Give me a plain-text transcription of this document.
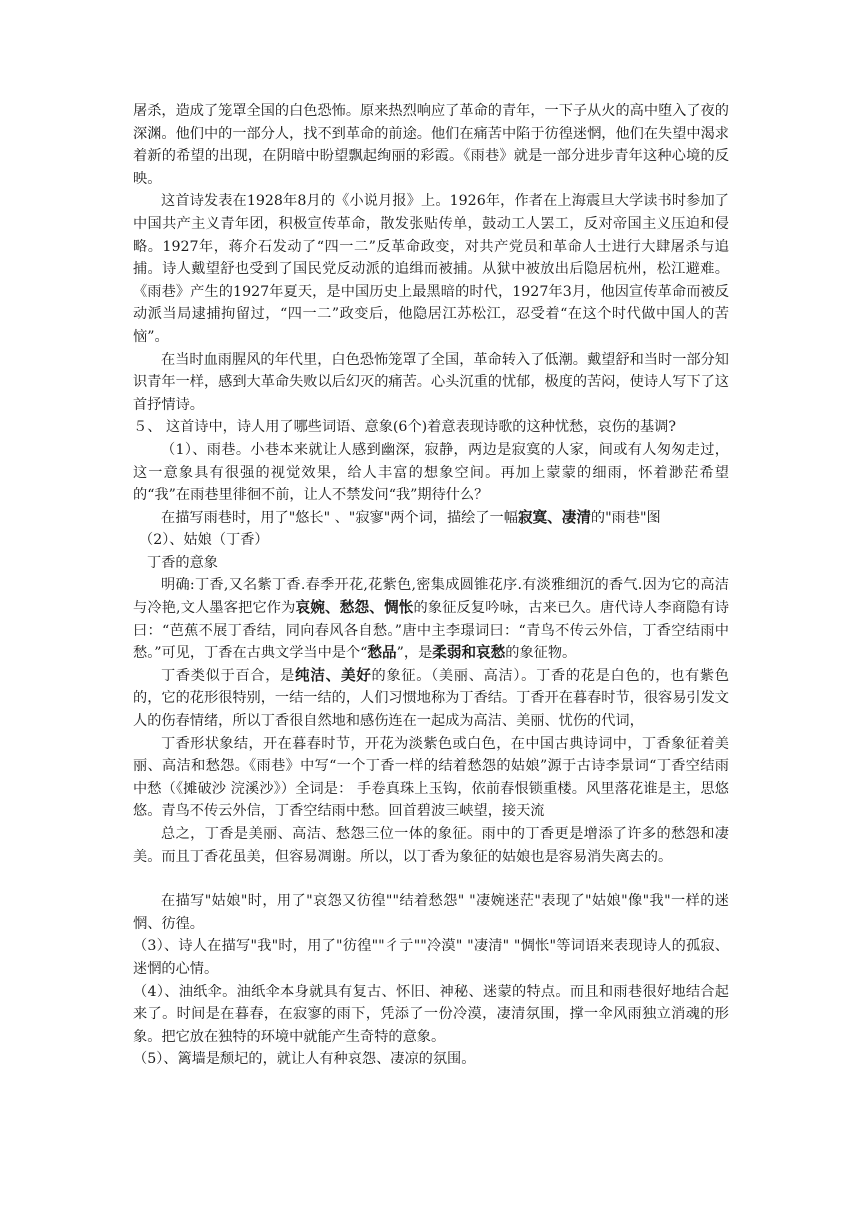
屠杀，造成了笼罩全国的白色恐怖。原来热烈响应了革命的青年，一下子从火的高中堕入了夜的深渊。他们中的一部分人，找不到革命的前途。他们在痛苦中陷于彷徨迷惘，他们在失望中渴求着新的希望的出现，在阴暗中盼望飘起绚丽的彩霞。《雨巷》就是一部分进步青年这种心境的反映。

这首诗发表在1928年8月的《小说月报》上。1926年，作者在上海震旦大学读书时参加了中国共产主义青年团，积极宣传革命，散发张贴传单，鼓动工人罢工，反对帝国主义压迫和侵略。1927年，蒋介石发动了“四一二”反革命政变，对共产党员和革命人士进行大肆屠杀与追捕。诗人戴望舒也受到了国民党反动派的追缉而被捕。从狱中被放出后隐居杭州，松江避难。《雨巷》产生的1927年夏天，是中国历史上最黑暗的时代，1927年3月，他因宣传革命而被反动派当局逮捕拘留过，“四一二”政变后，他隐居江苏松江，忍受着“在这个时代做中国人的苦恼”。

在当时血雨腥风的年代里，白色恐怖笼罩了全国，革命转入了低潮。戴望舒和当时一部分知识青年一样，感到大革命失败以后幻灭的痛苦。心头沉重的忧郁，极度的苦闷，使诗人写下了这首抒情诗。

５、 这首诗中，诗人用了哪些词语、意象(6个)着意表现诗歌的这种忧愁，哀伤的基调?

（1）、雨巷。小巷本来就让人感到幽深，寂静，两边是寂寞的人家，间或有人匆匆走过，这一意象具有很强的视觉效果，给人丰富的想象空间。再加上蒙蒙的细雨，怀着渺茫希望的“我”在雨巷里徘徊不前，让人不禁发问“我”期待什么？

在描写雨巷时，用了"悠长" 、"寂寥"两个词，描绘了一幅寂寞、凄清的"雨巷"图

（2）、姑娘（丁香）

丁香的意象

明确:丁香,又名紫丁香.春季开花,花紫色,密集成圆锥花序.有淡雅细沉的香气.因为它的高洁与冷艳,文人墨客把它作为哀婉、愁怨、惆怅的象征反复吟咏，古来已久。唐代诗人李商隐有诗曰：“芭蕉不展丁香结，同向春风各自愁。”唐中主李璟词曰：“青鸟不传云外信，丁香空结雨中愁。”可见，丁香在古典文学当中是个“愁品”，是柔弱和哀愁的象征物。

丁香类似于百合，是纯洁、美好的象征。（美丽、高洁）。丁香的花是白色的，也有紫色的，它的花形很特别，一结一结的，人们习惯地称为丁香结。丁香开在暮春时节，很容易引发文人的伤春情绪，所以丁香很自然地和感伤连在一起成为高洁、美丽、忧伤的代词，

丁香形状象结，开在暮春时节，开花为淡紫色或白色，在中国古典诗词中，丁香象征着美丽、高洁和愁怨。《雨巷》中写“一个丁香一样的结着愁怨的姑娘”源于古诗李景词“丁香空结雨中愁（《摊破沙 浣溪沙》）全词是： 手卷真珠上玉钩，依前春恨锁重楼。风里落花谁是主，思悠悠。青鸟不传云外信，丁香空结雨中愁。回首碧波三峡望，接天流

总之，丁香是美丽、高洁、愁怨三位一体的象征。雨中的丁香更是增添了许多的愁怨和凄美。而且丁香花虽美，但容易凋谢。所以，以丁香为象征的姑娘也是容易消失离去的。

在描写"姑娘"时，用了"哀怨又彷徨""结着愁怨" "凄婉迷茫"表现了"姑娘"像"我"一样的迷惘、彷徨。

（3）、诗人在描写"我"时，用了"彷徨""彳亍""冷漠" "凄清" "惆怅"等词语来表现诗人的孤寂、迷惘的心情。

（4）、油纸伞。油纸伞本身就具有复古、怀旧、神秘、迷蒙的特点。而且和雨巷很好地结合起来了。时间是在暮春，在寂寥的雨下，凭添了一份冷漠，凄清氛围，撑一伞风雨独立消魂的形象。把它放在独特的环境中就能产生奇特的意象。

（5）、篱墙是颓圮的，就让人有种哀怨、凄凉的氛围。
